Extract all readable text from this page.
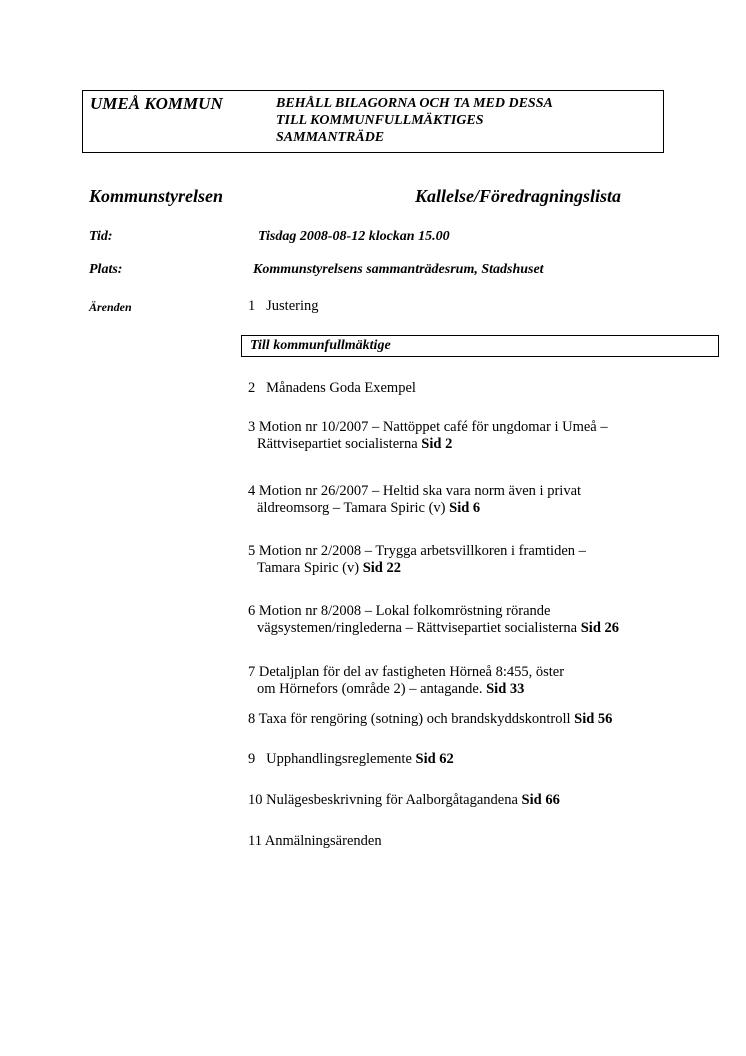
UMEÅ KOMMUN	BEHÅLL BILAGORNA OCH TA MED DESSA
TILL KOMMUNFULLMÄKTIGES
SAMMANTRÄDE
Kommunstyrelsen	Kallelse/Föredragningslista
Tid:	Tisdag 2008-08-12 klockan 15.00
Plats:	Kommunstyrelsens sammanträdesrum, Stadshuset
Ärenden	1 Justering
Till kommunfullmäktige
2 Månadens Goda Exempel
3 Motion nr 10/2007 – Nattöppet café för ungdomar i Umeå –
Rättvisepartiet socialisterna Sid 2
4 Motion nr 26/2007 – Heltid ska vara norm även i privat
äldreomsorg – Tamara Spiric (v) Sid 6
5 Motion nr 2/2008 – Trygga arbetsvillkoren i framtiden –
Tamara Spiric (v) Sid 22
6 Motion nr 8/2008 – Lokal folkomröstning rörande
vägsystemen/ringlederna – Rättvisepartiet socialisterna Sid 26
7 Detaljplan för del av fastigheten Hörneå 8:455, öster
om Hörnefors (område 2) – antagande. Sid 33
8 Taxa för rengöring (sotning) och brandskyddskontroll Sid 56
9 Upphandlingsreglemente Sid 62
10 Nulägesbeskrivning för Aalborgåtagandena Sid 66
11 Anmälningsärenden
